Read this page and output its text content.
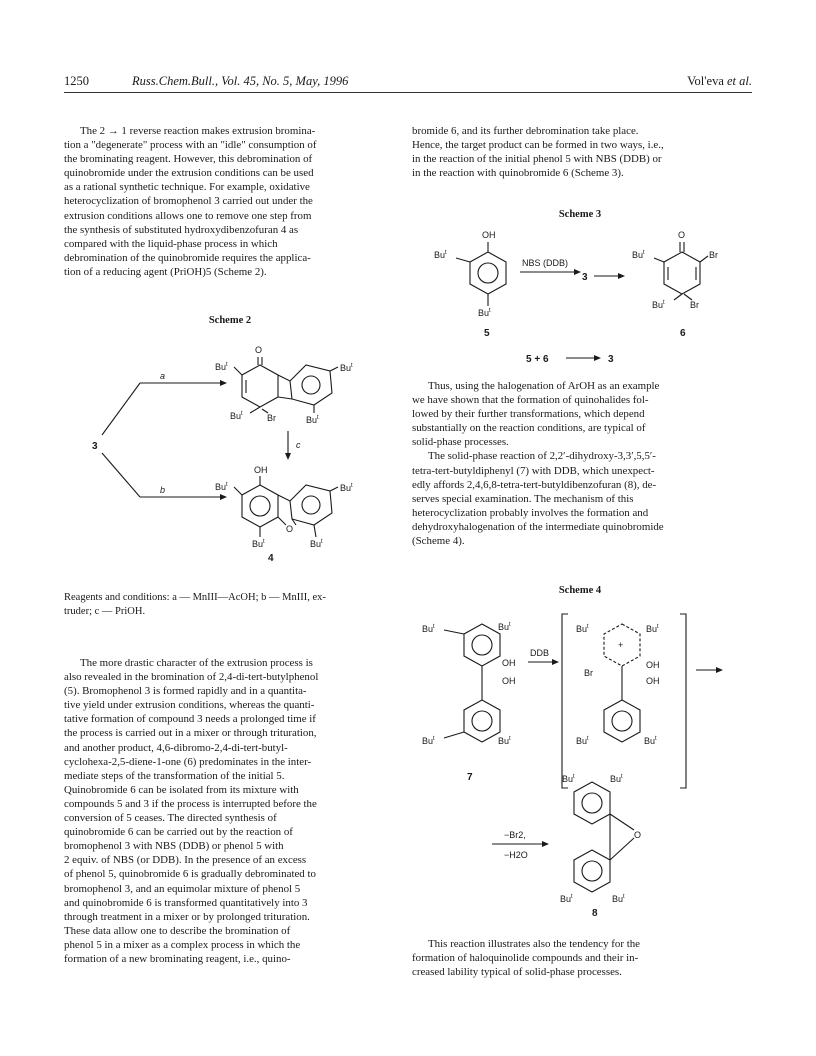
1250	Russ.Chem.Bull., Vol. 45, No. 5, May, 1996	Vol'eva et al.
The 2 → 1 reverse reaction makes extrusion bromina-
tion a "degenerate" process with an "idle" consumption of
the brominating reagent. However, this debromination of
quinobromide under the extrusion conditions can be used
as a rational synthetic technique. For example, oxidative
heterocyclization of bromophenol 3 carried out under the
extrusion conditions allows one to remove one step from
the synthesis of substituted hydroxydibenzofuran 4 as
compared with the liquid-phase process in which
debromination of the quinobromide requires the applica-
tion of a reducing agent (PriOH)5 (Scheme 2).
Scheme 2
3
a
b
O
Bu$^t$	Bu$^t$
Bu$^t$	Br	Bu$^t$
c
OH
O
Bu$^t$	Bu$^t$
Bu$^t$	Bu$^t$
4
Reagents and conditions: a — MnIII—AcOH; b — MnIII, ex-
truder; c — PriOH.
The more drastic character of the extrusion process is
also revealed in the bromination of 2,4-di-tert-butylphenol
(5). Bromophenol 3 is formed rapidly and in a quantita-
tive yield under extrusion conditions, whereas the quanti-
tative formation of compound 3 needs a prolonged time if
the process is carried out in a mixer or through trituration,
and another product, 4,6-dibromo-2,4-di-tert-butyl-
cyclohexa-2,5-diene-1-one (6) predominates in the inter-
mediate steps of the transformation of the initial 5.
Quinobromide 6 can be isolated from its mixture with
compounds 5 and 3 if the process is interrupted before the
conversion of 5 ceases. The directed synthesis of
quinobromide 6 can be carried out by the reaction of
bromophenol 3 with NBS (DDB) or phenol 5 with
2 equiv. of NBS (or DDB). In the presence of an excess
of phenol 5, quinobromide 6 is gradually debrominated to
bromophenol 3, and an equimolar mixture of phenol 5
and quinobromide 6 is transformed quantitatively into 3
through treatment in a mixer or by prolonged trituration.
These data allow one to describe the bromination of
phenol 5 in a mixer as a complex process in which the
formation of a new brominating reagent, i.e., quino-
bromide 6, and its further debromination take place.
Hence, the target product can be formed in two ways, i.e.,
in the reaction of the initial phenol 5 with NBS (DDB) or
in the reaction with quinobromide 6 (Scheme 3).
Scheme 3
OH
Bu$^t$
Bu$^t$
5
NBS (DDB)
3
O
Bu$^t$	Br
Bu$^t$	Br
6
5 + 6	3
Thus, using the halogenation of ArOH as an example
we have shown that the formation of quinohalides fol-
lowed by their further transformations, which depend
substantially on the reaction conditions, are typical of
solid-phase processes.
The solid-phase reaction of 2,2′-dihydroxy-3,3′,5,5′-
tetra-tert-butyldiphenyl (7) with DDB, which unexpect-
edly affords 2,4,6,8-tetra-tert-butyldibenzofuran (8), de-
serves special examination. The mechanism of this
heterocyclization probably involves the formation and
dehydroxyhalogenation of the intermediate quinobromide
(Scheme 4).
Scheme 4
Bu$^t$	Bu$^t$
OH
OH
Bu$^t$	Bu$^t$
7
DDB
+
$Bu^t$	Bu$^t$
Br
OH
OH
Bu$^t$	$Bu^t$
−Br2,
−H2O
O
Bu$^t$	Bu$^t$
Bu$^t$	Bu$^t$
8
This reaction illustrates also the tendency for the
formation of haloquinolide compounds and their in-
creased lability typical of solid-phase processes.
